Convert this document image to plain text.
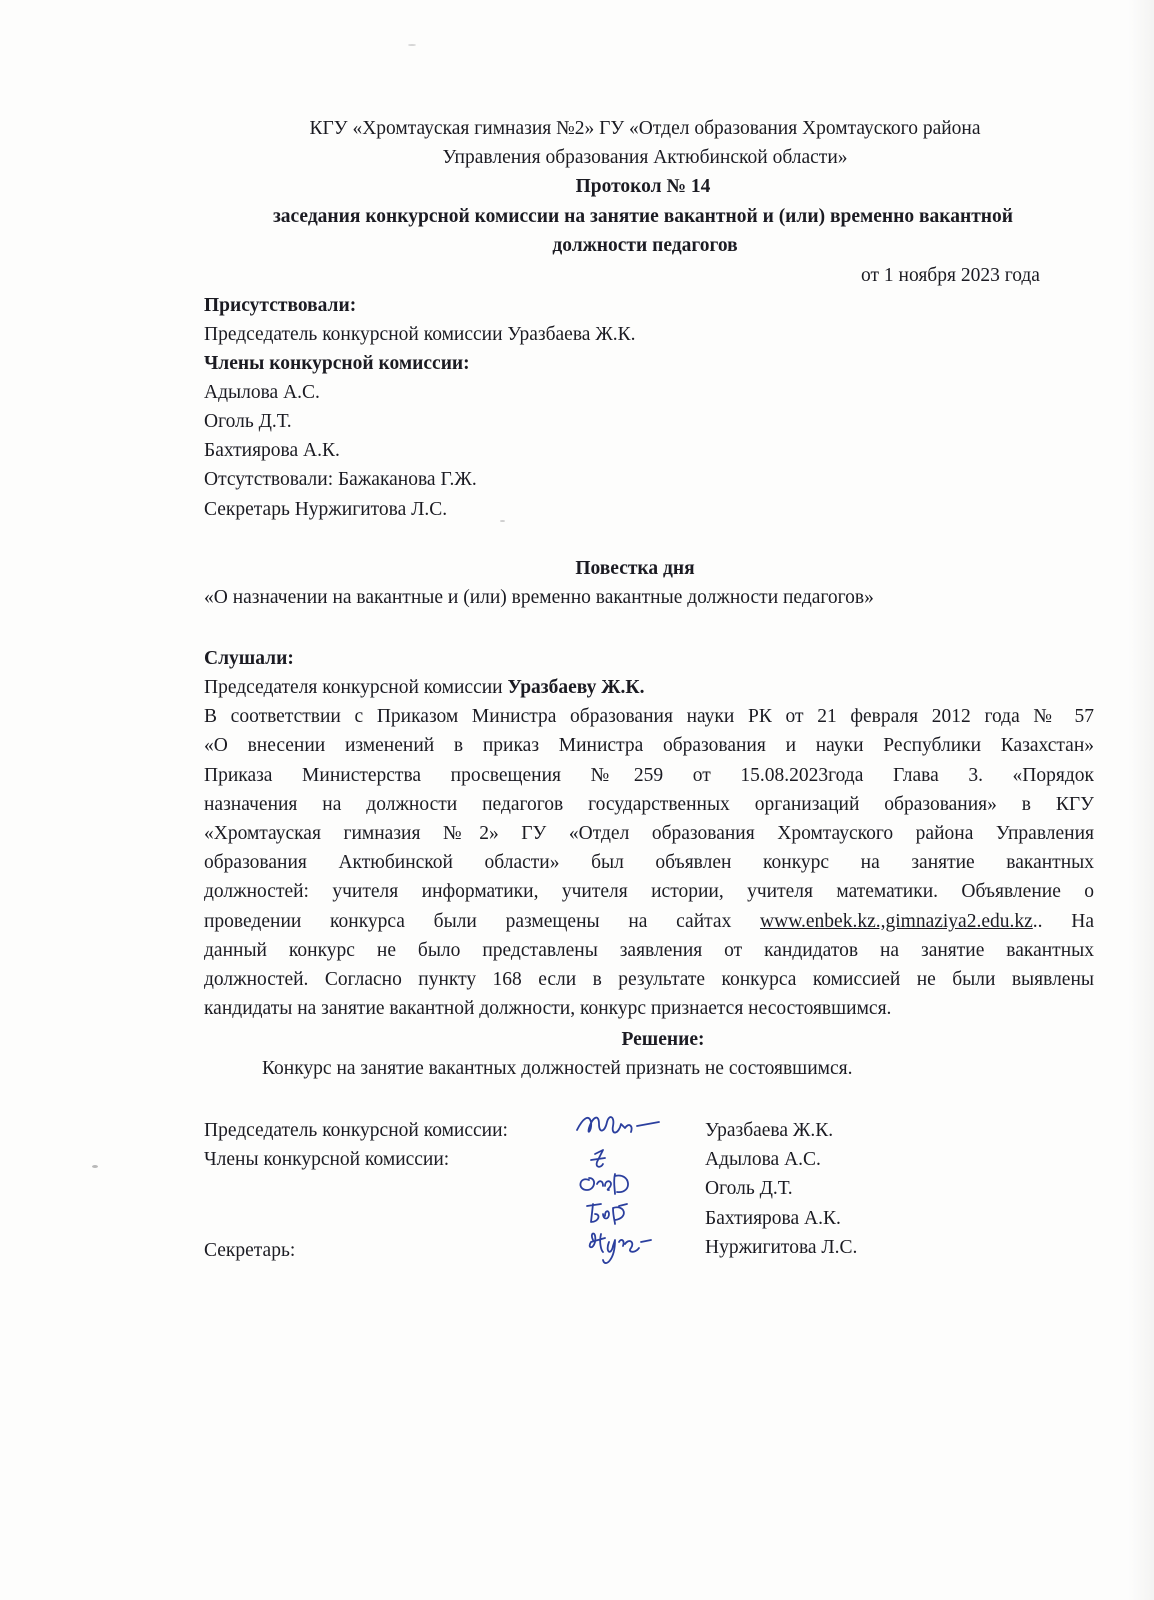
КГУ «Хромтауская гимназия №2» ГУ «Отдел образования Хромтауского района
Управления образования Актюбинской области»
Протокол № 14
заседания конкурсной комиссии на занятие вакантной и (или) временно вакантной
должности педагогов
от 1 ноября 2023 года
Присутствовали:
Председатель конкурсной комиссии Уразбаева Ж.К.
Члены конкурсной комиссии:
Адылова А.С.
Оголь Д.Т.
Бахтиярова А.К.
Отсутствовали: Бажаканова Г.Ж.
Секретарь Нуржигитова Л.С.
Повестка дня
«О назначении на вакантные и (или) временно вакантные должности педагогов»
Слушали:
Председателя конкурсной комиссии Уразбаеву Ж.К.
В соответствии с Приказом Министра образования науки РК от 21 февраля 2012 года № 57
«О внесении изменений в приказ Министра образования и науки Республики Казахстан»
Приказа Министерства просвещения №259 от 15.08.2023года Глава 3. «Порядок
назначения на должности педагогов государственных организаций образования» в КГУ
«Хромтауская гимназия №2» ГУ «Отдел образования Хромтауского района Управления
образования Актюбинской области» был объявлен конкурс на занятие вакантных
должностей: учителя информатики, учителя истории, учителя математики. Объявление о
проведении конкурса были размещены на сайтах www.enbek.kz.,gimnaziya2.edu.kz.. На
данный конкурс не было представлены заявления от кандидатов на занятие вакантных
должностей. Согласно пункту 168 если в результате конкурса комиссией не были выявлены
кандидаты на занятие вакантной должности, конкурс признается несостоявшимся.
Решение:
Конкурс на занятие вакантных должностей признать не состоявшимся.
Председатель конкурсной комиссии:
Члены конкурсной комиссии:
Секретарь:
Уразбаева Ж.К.
Адылова А.С.
Оголь Д.Т.
Бахтиярова А.К.
Нуржигитова Л.С.
